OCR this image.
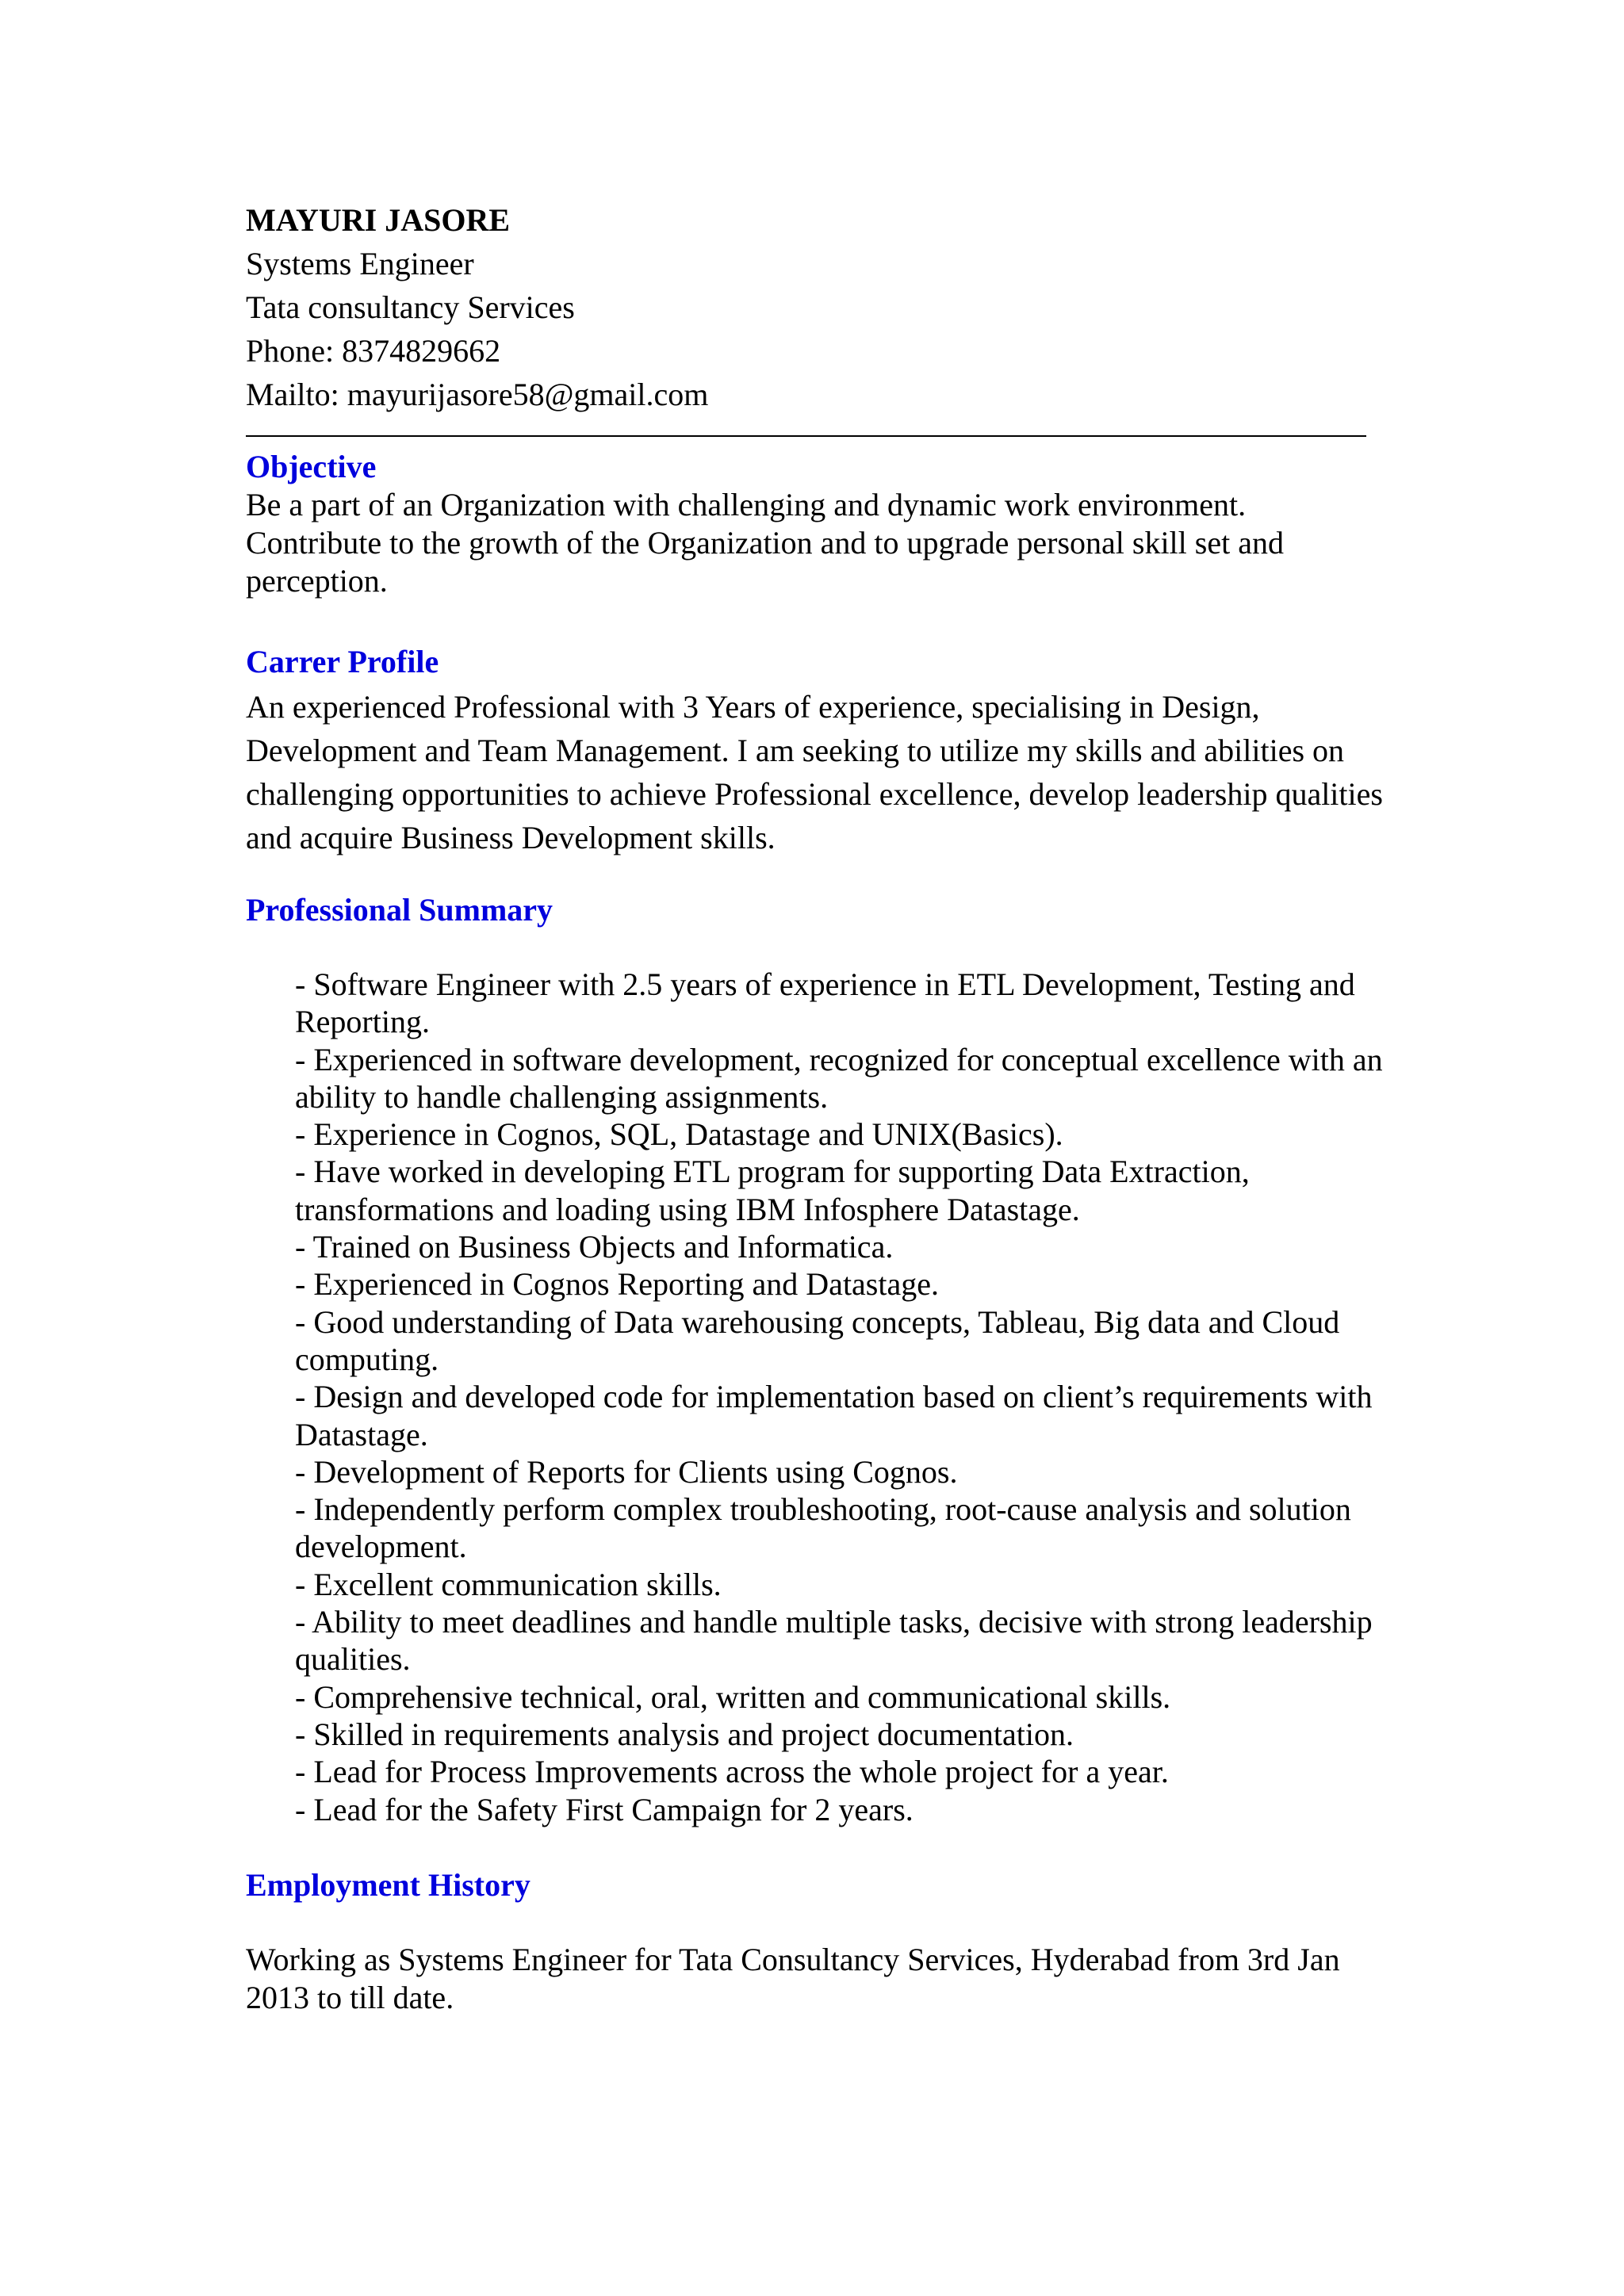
MAYURI JASORE

Systems Engineer

Tata consultancy Services

Phone: 8374829662

Mailto: mayurijasore58@gmail.com

Objective

Be a part of an Organization with challenging and dynamic work environment. Contribute to the growth of the Organization and to upgrade personal skill set and perception.

Carrer Profile

An experienced Professional with 3 Years of experience, specialising in Design, Development and Team Management. I am seeking to utilize my skills and abilities on challenging opportunities to achieve Professional excellence, develop leadership qualities and acquire Business Development skills.

Professional Summary
- Software Engineer with 2.5 years of experience in ETL Development, Testing and Reporting.
- Experienced in software development, recognized for conceptual excellence with an ability to handle challenging assignments.
- Experience in Cognos, SQL, Datastage and UNIX(Basics).
- Have worked in developing ETL program for supporting Data Extraction, transformations and loading using IBM Infosphere Datastage.
- Trained on Business Objects and Informatica.
- Experienced in Cognos Reporting and Datastage.
- Good understanding of Data warehousing concepts, Tableau, Big data and Cloud computing.
- Design and developed code for implementation based on client’s requirements with Datastage.
- Development of Reports for Clients using Cognos.
- Independently perform complex troubleshooting, root-cause analysis and solution development.
- Excellent communication skills.
- Ability to meet deadlines and handle multiple tasks, decisive with strong leadership qualities.
- Comprehensive technical, oral, written and communicational skills.
- Skilled in requirements analysis and project documentation.
- Lead for Process Improvements across the whole project for a year.
- Lead for the Safety First Campaign for 2 years.
Employment History

Working as Systems Engineer for Tata Consultancy Services, Hyderabad from 3rd Jan 2013 to till date.
